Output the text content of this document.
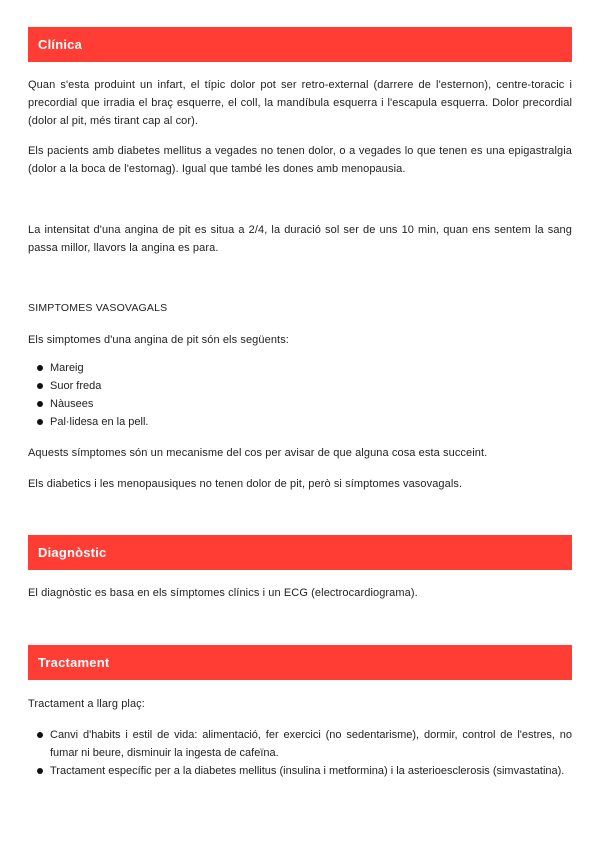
Clínica

Quan s'esta produint un infart, el típic dolor pot ser retro-external (darrere de l'esternon), centre-toracic i precordial que irradia el braç esquerre, el coll, la mandíbula esquerra i l'escapula esquerra. Dolor precordial (dolor al pit, més tirant cap al cor).

Els pacients amb diabetes mellitus a vegades no tenen dolor, o a vegades lo que tenen es una epigastralgia (dolor a la boca de l'estomag). Igual que també les dones amb menopausia.

La intensitat d'una angina de pit es situa a 2/4, la duració sol ser de uns 10 min, quan ens sentem la sang passa millor, llavors la angina es para.

SIMPTOMES VASOVAGALS

Els simptomes d'una angina de pit són els següents:

Mareig
Suor freda
Nàusees
Pal·lidesa en la pell.

Aquests símptomes són un mecanisme del cos per avisar de que alguna cosa esta succeint.

Els diabetics i les menopausiques no tenen dolor de pit, però si símptomes vasovagals.

Diagnòstic

El diagnòstic es basa en els símptomes clínics i un ECG (electrocardiograma).

Tractament

Tractament a llarg plaç:

Canvi d'habits i estil de vida: alimentació, fer exercici (no sedentarisme), dormir, control de l'estres, no fumar ni beure, disminuir la ingesta de cafeïna.
Tractament específic per a la diabetes mellitus (insulina i metformina) i la asterioesclerosis (simvastatina).
